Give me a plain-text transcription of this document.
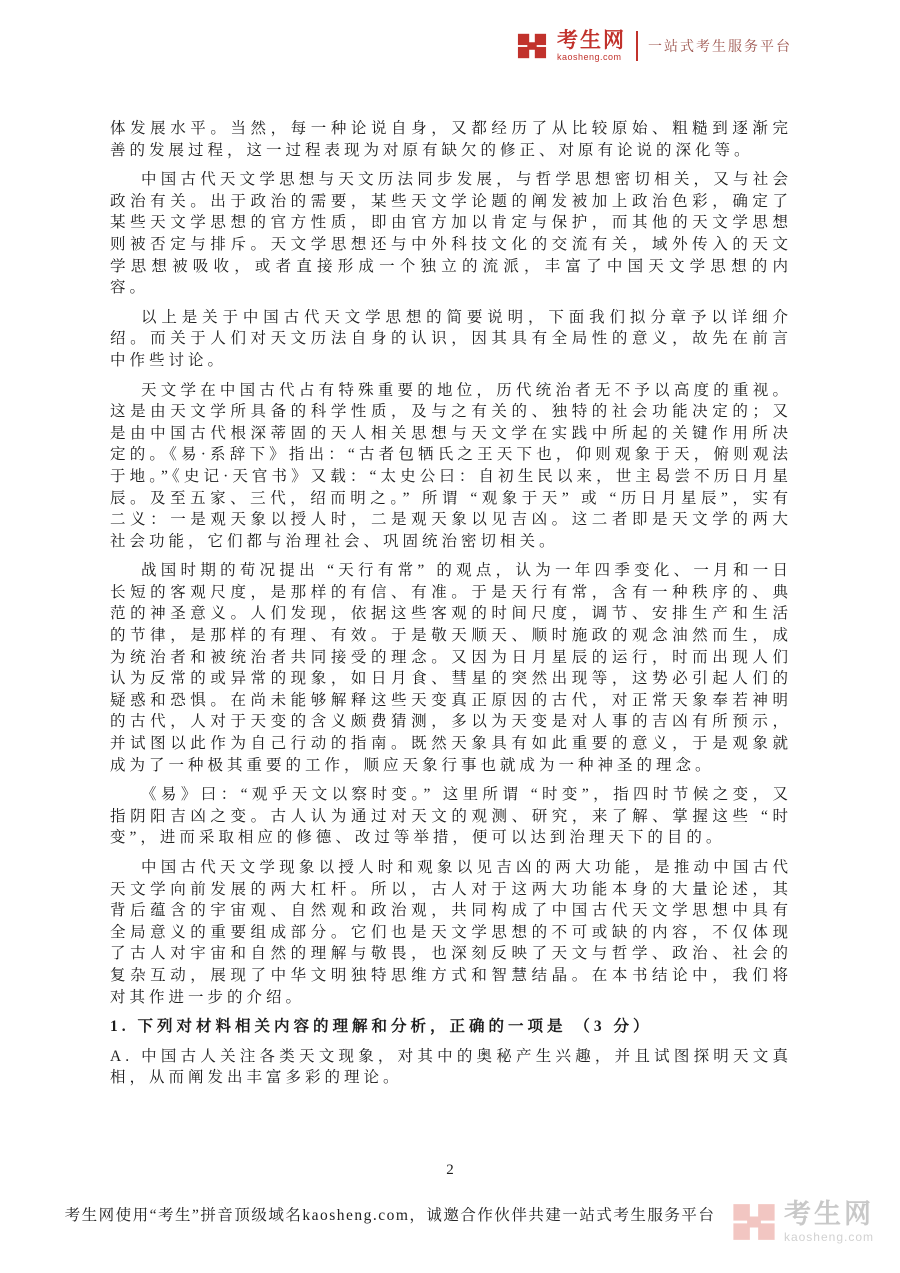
考生网
kaosheng.com
一站式考生服务平台

体发展水平。当然，每一种论说自身，又都经历了从比较原始、粗糙到逐渐完善的发展过程，这一过程表现为对原有缺欠的修正、对原有论说的深化等。

中国古代天文学思想与天文历法同步发展，与哲学思想密切相关，又与社会政治有关。出于政治的需要，某些天文学论题的阐发被加上政治色彩，确定了某些天文学思想的官方性质，即由官方加以肯定与保护，而其他的天文学思想则被否定与排斥。天文学思想还与中外科技文化的交流有关，域外传入的天文学思想被吸收，或者直接形成一个独立的流派，丰富了中国天文学思想的内容。

以上是关于中国古代天文学思想的简要说明，下面我们拟分章予以详细介绍。而关于人们对天文历法自身的认识，因其具有全局性的意义，故先在前言中作些讨论。

天文学在中国古代占有特殊重要的地位，历代统治者无不予以高度的重视。这是由天文学所具备的科学性质，及与之有关的、独特的社会功能决定的；又是由中国古代根深蒂固的天人相关思想与天文学在实践中所起的关键作用所决定的。《易·系辞下》指出：“古者包牺氏之王天下也，仰则观象于天，俯则观法于地。”《史记·天官书》又载：“太史公曰：自初生民以来，世主曷尝不历日月星辰。及至五家、三代，绍而明之。” 所谓 “观象于天” 或 “历日月星辰”，实有二义：一是观天象以授人时，二是观天象以见吉凶。这二者即是天文学的两大社会功能，它们都与治理社会、巩固统治密切相关。

战国时期的荀况提出 “天行有常” 的观点，认为一年四季变化、一月和一日长短的客观尺度，是那样的有信、有准。于是天行有常，含有一种秩序的、典范的神圣意义。人们发现，依据这些客观的时间尺度，调节、安排生产和生活的节律，是那样的有理、有效。于是敬天顺天、顺时施政的观念油然而生，成为统治者和被统治者共同接受的理念。又因为日月星辰的运行，时而出现人们认为反常的或异常的现象，如日月食、彗星的突然出现等，这势必引起人们的疑惑和恐惧。在尚未能够解释这些天变真正原因的古代，对正常天象奉若神明的古代，人对于天变的含义颇费猜测，多以为天变是对人事的吉凶有所预示，并试图以此作为自己行动的指南。既然天象具有如此重要的意义，于是观象就成为了一种极其重要的工作，顺应天象行事也就成为一种神圣的理念。

《易》曰：“观乎天文以察时变。” 这里所谓 “时变”，指四时节候之变，又指阴阳吉凶之变。古人认为通过对天文的观测、研究，来了解、掌握这些 “时变”，进而采取相应的修德、改过等举措，便可以达到治理天下的目的。

中国古代天文学现象以授人时和观象以见吉凶的两大功能，是推动中国古代天文学向前发展的两大杠杆。所以，古人对于这两大功能本身的大量论述，其背后蕴含的宇宙观、自然观和政治观，共同构成了中国古代天文学思想中具有全局意义的重要组成部分。它们也是天文学思想的不可或缺的内容，不仅体现了古人对宇宙和自然的理解与敬畏，也深刻反映了天文与哲学、政治、社会的复杂互动，展现了中华文明独特思维方式和智慧结晶。在本书结论中，我们将对其作进一步的介绍。

1. 下列对材料相关内容的理解和分析，正确的一项是 （3 分）

A. 中国古人关注各类天文现象，对其中的奥秘产生兴趣，并且试图探明天文真相，从而阐发出丰富多彩的理论。

2
考生网使用“考生”拼音顶级域名kaosheng.com，诚邀合作伙伴共建一站式考生服务平台	考生网
kaosheng.com
